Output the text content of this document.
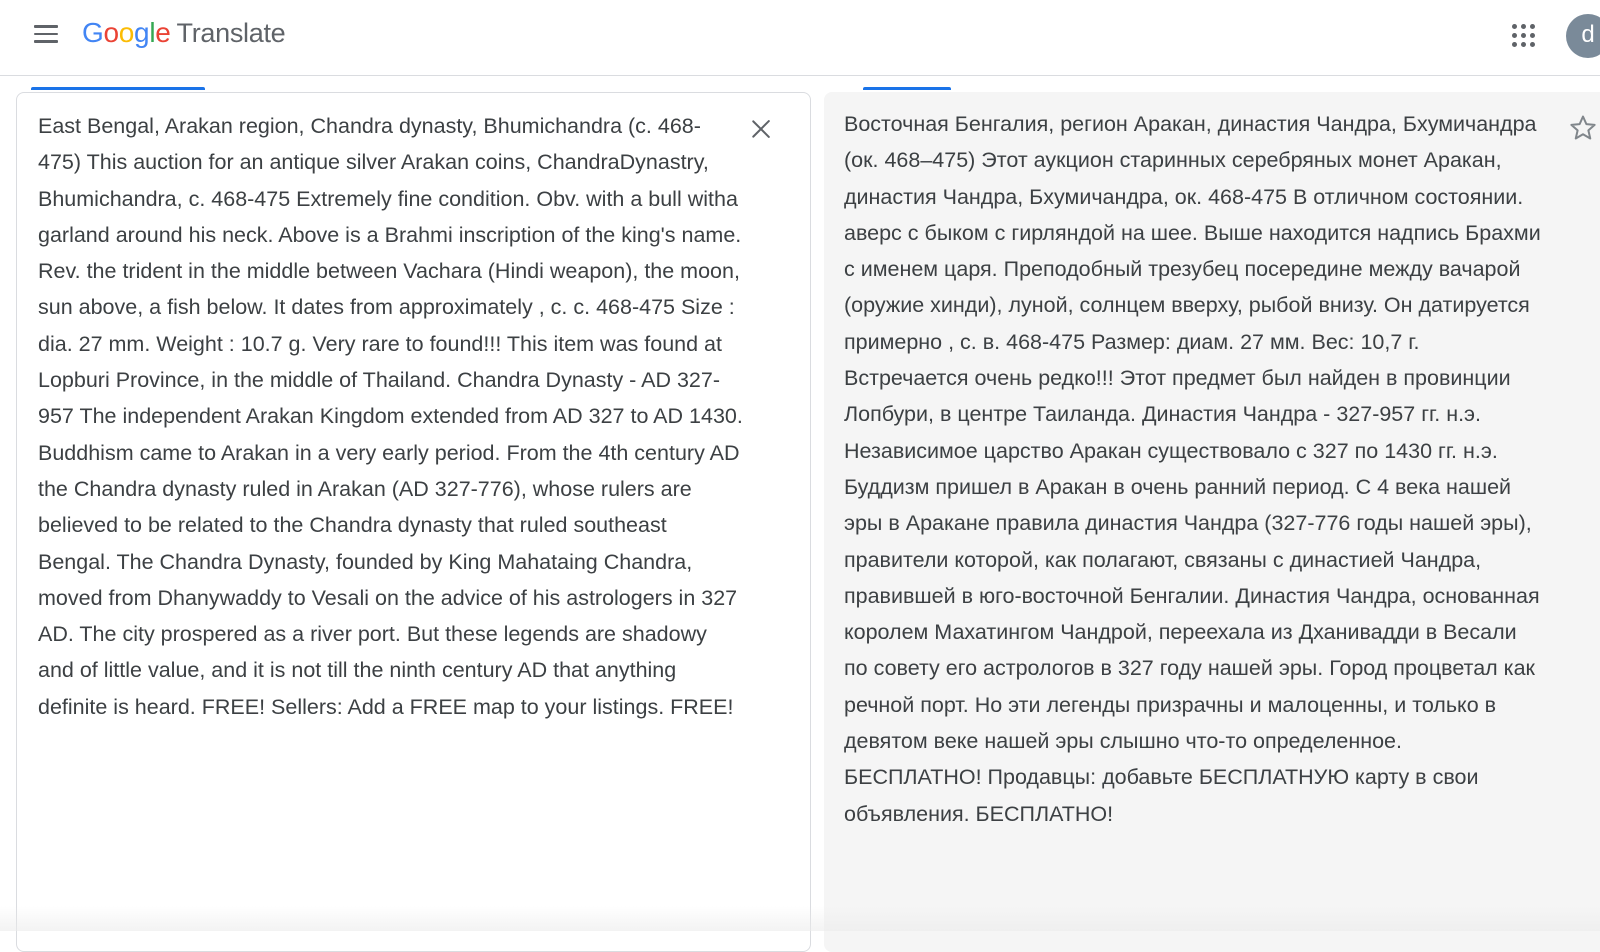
G o o g l e Translate	d
East Bengal, Arakan region, Chandra dynasty, Bhumichandra (c. 468-475) This auction for an antique silver Arakan coins, ChandraDynastry, Bhumichandra, c. 468-475 Extremely fine condition. Obv. with a bull witha garland around his neck. Above is a Brahmi inscription of the king's name. Rev. the trident in the middle between Vachara (Hindi weapon), the moon, sun above, a fish below. It dates from approximately , c. c. 468-475 Size : dia. 27 mm. Weight : 10.7 g. Very rare to found!!! This item was found at Lopburi Province, in the middle of Thailand. Chandra Dynasty - AD 327-957 The independent Arakan Kingdom extended from AD 327 to AD 1430. Buddhism came to Arakan in a very early period. From the 4th century AD the Chandra dynasty ruled in Arakan (AD 327-776), whose rulers are believed to be related to the Chandra dynasty that ruled southeast Bengal. The Chandra Dynasty, founded by King Mahataing Chandra, moved from Dhanywaddy to Vesali on the advice of his astrologers in 327 AD. The city prospered as a river port. But these legends are shadowy and of little value, and it is not till the ninth century AD that anything definite is heard. FREE! Sellers: Add a FREE map to your listings. FREE!
Восточная Бенгалия, регион Аракан, династия Чандра, Бхумичандра (ок. 468–475) Этот аукцион старинных серебряных монет Аракан, династия Чандра, Бхумичандра, ок. 468-475 В отличном состоянии. аверс с быком с гирляндой на шее. Выше находится надпись Брахми с именем царя. Преподобный трезубец посередине между вачарой (оружие хинди), луной, солнцем вверху, рыбой внизу. Он датируется примерно , с. в. 468-475 Размер: диам. 27 мм. Вес: 10,7 г. Встречается очень редко!!! Этот предмет был найден в провинции Лопбури, в центре Таиланда. Династия Чандра - 327-957 гг. н.э. Независимое царство Аракан существовало с 327 по 1430 гг. н.э. Буддизм пришел в Аракан в очень ранний период. С 4 века нашей эры в Аракане правила династия Чандра (327-776 годы нашей эры), правители которой, как полагают, связаны с династией Чандра, правившей в юго-восточной Бенгалии. Династия Чандра, основанная королем Махатингом Чандрой, переехала из Дханивадди в Весали по совету его астрологов в 327 году нашей эры. Город процветал как речной порт. Но эти легенды призрачны и малоценны, и только в девятом веке нашей эры слышно что-то определенное. БЕСПЛАТНО! Продавцы: добавьте БЕСПЛАТНУЮ карту в свои объявления. БЕСПЛАТНО!
